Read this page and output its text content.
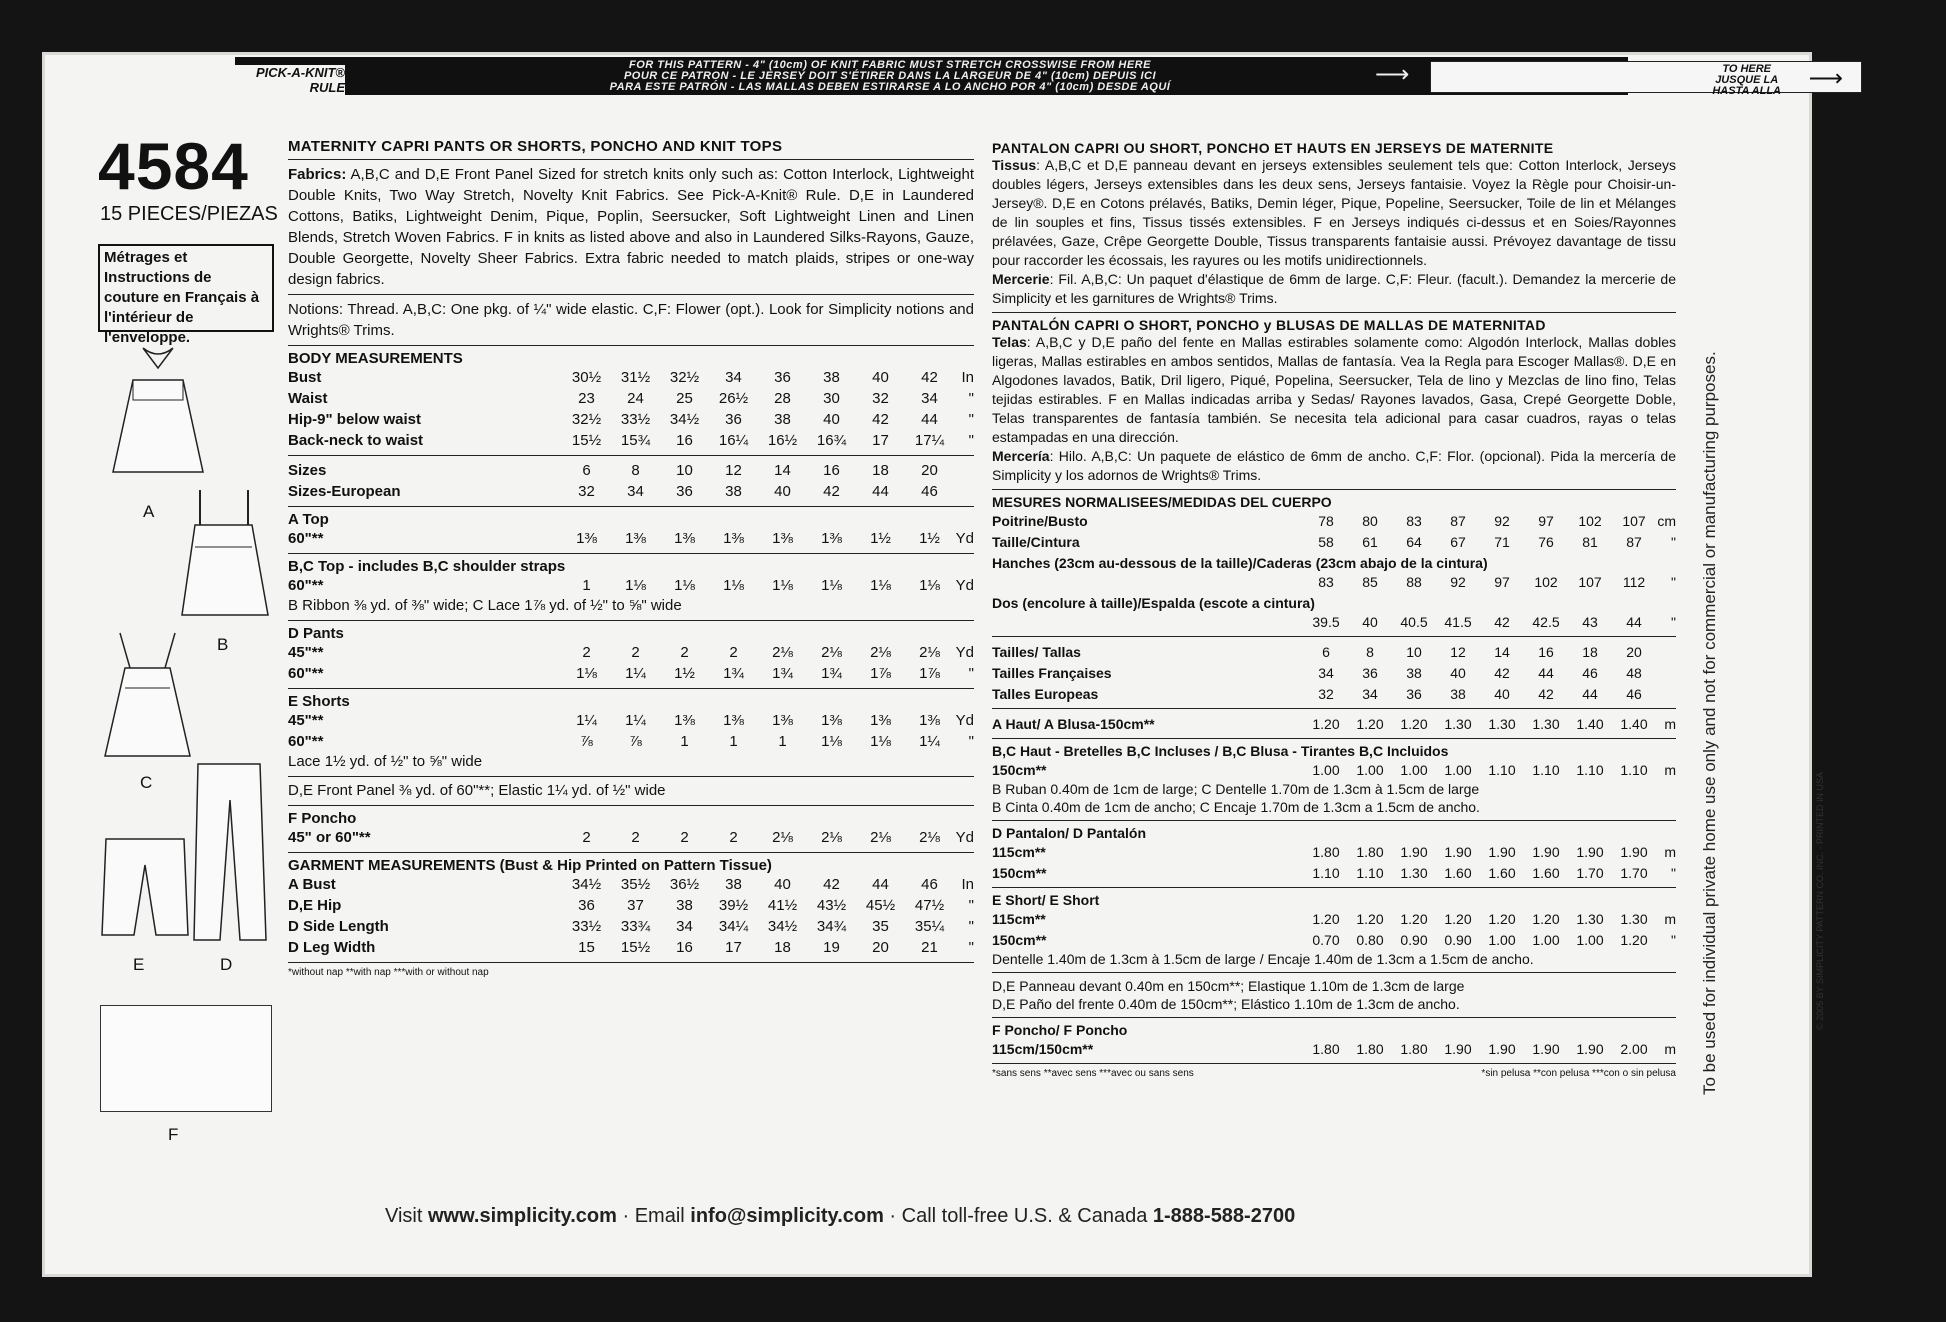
PICK-A-KNIT® RULE
FOR THIS PATTERN - 4" (10cm) OF KNIT FABRIC MUST STRETCH CROSSWISE FROM HERE
POUR CE PATRON - LE JERSEY DOIT S'ÉTIRER DANS LA LARGEUR DE 4" (10cm) DEPUIS ICI
PARA ESTE PATRÓN - LAS MALLAS DEBEN ESTIRARSE A LO ANCHO POR 4" (10cm) DESDE AQUÍ	⟶	TO HERE
JUSQUE LA
HASTA ALLA ⟶
4584
15 PIECES/PIEZAS
Métrages et Instructions de couture en Français à l'intérieur de l'enveloppe.
A
B
C
D
E
F
MATERNITY CAPRI PANTS OR SHORTS, PONCHO AND KNIT TOPS
Fabrics: A,B,C and D,E Front Panel Sized for stretch knits only such as: Cotton Interlock, Lightweight Double Knits, Two Way Stretch, Novelty Knit Fabrics. See Pick-A-Knit® Rule. D,E in Laundered Cottons, Batiks, Lightweight Denim, Pique, Poplin, Seersucker, Soft Lightweight Linen and Linen Blends, Stretch Woven Fabrics. F in knits as listed above and also in Laundered Silks-Rayons, Gauze, Double Georgette, Novelty Sheer Fabrics. Extra fabric needed to match plaids, stripes or one-way design fabrics.
Notions: Thread. A,B,C: One pkg. of ¼" wide elastic. C,F: Flower (opt.). Look for Simplicity notions and Wrights® Trims.
BODY MEASUREMENTS
Bust	30½	31½	32½	34	36	38	40	42	In
Waist	23	24	25	26½	28	30	32	34	"
Hip-9" below waist	32½	33½	34½	36	38	40	42	44	"
Back-neck to waist	15½	15¾	16	16¼	16½	16¾	17	17¼	"
Sizes	6	8	10	12	14	16	18	20	
Sizes-European	32	34	36	38	40	42	44	46	
A Top
60"**	1⅜	1⅜	1⅜	1⅜	1⅜	1⅜	1½	1½	Yd
B,C Top - includes B,C shoulder straps
60"**	1	1⅛	1⅛	1⅛	1⅛	1⅛	1⅛	1⅛	Yd
B Ribbon ⅜ yd. of ⅜" wide; C Lace 1⅞ yd. of ½" to ⅝" wide
D Pants
45"**	2	2	2	2	2⅛	2⅛	2⅛	2⅛	Yd
60"**	1⅛	1¼	1½	1¾	1¾	1¾	1⅞	1⅞	"
E Shorts
45"**	1¼	1¼	1⅜	1⅜	1⅜	1⅜	1⅜	1⅜	Yd
60"**	⅞	⅞	1	1	1	1⅛	1⅛	1¼	"
Lace 1½ yd. of ½" to ⅝" wide
D,E Front Panel ⅜ yd. of 60"**; Elastic 1¼ yd. of ½" wide
F Poncho
45" or 60"**	2	2	2	2	2⅛	2⅛	2⅛	2⅛	Yd
GARMENT MEASUREMENTS (Bust & Hip Printed on Pattern Tissue)
A Bust	34½	35½	36½	38	40	42	44	46	In
D,E Hip	36	37	38	39½	41½	43½	45½	47½	"
D Side Length	33½	33¾	34	34¼	34½	34¾	35	35¼	"
D Leg Width	15	15½	16	17	18	19	20	21	"
*without nap **with nap ***with or without nap
PANTALON CAPRI OU SHORT, PONCHO ET HAUTS EN JERSEYS DE MATERNITE
Tissus: A,B,C et D,E panneau devant en jerseys extensibles seulement tels que: Cotton Interlock, Jerseys doubles légers, Jerseys extensibles dans les deux sens, Jerseys fantaisie. Voyez la Règle pour Choisir-un-Jersey®. D,E en Cotons prélavés, Batiks, Demin léger, Pique, Popeline, Seersucker, Toile de lin et Mélanges de lin souples et fins, Tissus tissés extensibles. F en Jerseys indiqués ci-dessus et en Soies/Rayonnes prélavées, Gaze, Crêpe Georgette Double, Tissus transparents fantaisie aussi. Prévoyez davantage de tissu pour raccorder les écossais, les rayures ou les motifs unidirectionnels.
Mercerie: Fil. A,B,C: Un paquet d'élastique de 6mm de large. C,F: Fleur. (facult.). Demandez la mercerie de Simplicity et les garnitures de Wrights® Trims.
PANTALÓN CAPRI O SHORT, PONCHO y BLUSAS DE MALLAS DE MATERNITAD
Telas: A,B,C y D,E paño del fente en Mallas estirables solamente como: Algodón Interlock, Mallas dobles ligeras, Mallas estirables en ambos sentidos, Mallas de fantasía. Vea la Regla para Escoger Mallas®. D,E en Algodones lavados, Batik, Dril ligero, Piqué, Popelina, Seersucker, Tela de lino y Mezclas de lino fino, Telas tejidas estirables. F en Mallas indicadas arriba y Sedas/ Rayones lavados, Gasa, Crepé Georgette Doble, Telas transparentes de fantasía también. Se necesita tela adicional para casar cuadros, rayas o telas estampadas en una dirección.
Mercería: Hilo. A,B,C: Un paquete de elástico de 6mm de ancho. C,F: Flor. (opcional). Pida la mercería de Simplicity y los adornos de Wrights® Trims.
MESURES NORMALISEES/MEDIDAS DEL CUERPO
Poitrine/Busto	78	80	83	87	92	97	102	107	cm
Taille/Cintura	58	61	64	67	71	76	81	87	"
Hanches (23cm au-dessous de la taille)/Caderas (23cm abajo de la cintura)
	83	85	88	92	97	102	107	112	"
Dos (encolure à taille)/Espalda (escote a cintura)
	39.5	40	40.5	41.5	42	42.5	43	44	"
Tailles/ Tallas	6	8	10	12	14	16	18	20	
Tailles Françaises	34	36	38	40	42	44	46	48	
Talles Europeas	32	34	36	38	40	42	44	46	
A Haut/ A Blusa-150cm**	1.20	1.20	1.20	1.30	1.30	1.30	1.40	1.40	m
B,C Haut - Bretelles B,C Incluses / B,C Blusa - Tirantes B,C Incluidos
150cm**	1.00	1.00	1.00	1.00	1.10	1.10	1.10	1.10	m
B Ruban 0.40m de 1cm de large; C Dentelle 1.70m de 1.3cm à 1.5cm de large
B Cinta 0.40m de 1cm de ancho; C Encaje 1.70m de 1.3cm a 1.5cm de ancho.
D Pantalon/ D Pantalón
115cm**	1.80	1.80	1.90	1.90	1.90	1.90	1.90	1.90	m
150cm**	1.10	1.10	1.30	1.60	1.60	1.60	1.70	1.70	"
E Short/ E Short
115cm**	1.20	1.20	1.20	1.20	1.20	1.20	1.30	1.30	m
150cm**	0.70	0.80	0.90	0.90	1.00	1.00	1.00	1.20	"
Dentelle 1.40m de 1.3cm à 1.5cm de large / Encaje 1.40m de 1.3cm a 1.5cm de ancho.
D,E Panneau devant 0.40m en 150cm**; Elastique 1.10m de 1.3cm de large
D,E Paño del frente 0.40m de 150cm**; Elástico 1.10m de 1.3cm de ancho.
F Poncho/ F Poncho
115cm/150cm**	1.80	1.80	1.80	1.90	1.90	1.90	1.90	2.00	m
*sans sens **avec sens ***avec ou sans sens	*sin pelusa **con pelusa ***con o sin pelusa
Visit www.simplicity.com · Email info@simplicity.com · Call toll-free U.S. & Canada 1-888-588-2700
To be used for individual private home use only and not for commercial or manufacturing purposes.	© 2005 BY SIMPLICITY PATTERN CO. INC. · PRINTED IN USA
